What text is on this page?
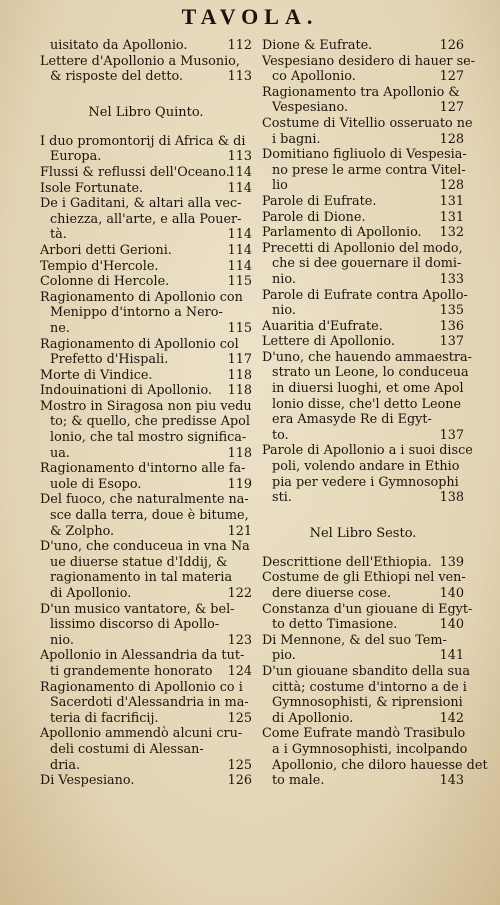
TAVOLA.
uisitato da Apollonio.	112
Lettere d'Apollonio a Musonio,
& risposte del detto.	113
Nel Libro Quinto.
I duo promontorij di Africa & di
Europa.	113
Flussi & reflussi dell'Oceano.
114
Isole Fortunate.	114
De i Gaditani, & altari alla vec-
chiezza, all'arte, e alla Pouer-
tà.	114
Arbori detti Gerioni.	114
Tempio d'Hercole.	114
Colonne di Hercole.	115
Ragionamento di Apollonio con
Menippo d'intorno a Nero-
ne.	115
Ragionamento di Apollonio col
Prefetto d'Hispali.	117
Morte di Vindice.	118
Indouinationi di Apollonio. 118
Mostro in Siragosa non piu vedu
to; & quello, che predisse Apol
lonio, che tal mostro significa-
ua.	118
Ragionamento d'intorno alle fa-
uole di Esopo.	119
Del fuoco, che naturalmente na-
sce dalla terra, doue è bitume,
& Zolpho.	121
D'uno, che conduceua in vna Na
ue diuerse statue d'Iddij, &
ragionamento in tal materia
di Apollonio.	122
D'un musico vantatore, & bel-
lissimo discorso di Apollo-
nio.	123
Apollonio in Alessandria da tut-
ti grandemente honorato 124
Ragionamento di Apollonio co i
Sacerdoti d'Alessandria in ma-
teria di facrificij.	125
Apollonio ammendò alcuni cru-
deli costumi di Alessan-
dria.	125
Di Vespesiano.	126
Dione & Eufrate.	126
Vespesiano desidero di hauer se-
co Apollonio.	127
Ragionamento tra Apollonio &
Vespesiano.	127
Costume di Vitellio osseruato ne
i bagni.	128
Domitiano figliuolo di Vespesia-
no prese le arme contra Vitel-
lio	128
Parole di Eufrate.	131
Parole di Dione.	131
Parlamento di Apollonio. 132
Precetti di Apollonio del modo,
che si dee gouernare il domi-
nio.	133
Parole di Eufrate contra Apollo-
nio.	135
Auaritia d'Eufrate.	136
Lettere di Apollonio.	137
D'uno, che hauendo ammaestra-
strato un Leone, lo conduceua
in diuersi luoghi, et ome Apol
lonio disse, che'l detto Leone
era Amasyde Re di Egyt-
to.	137
Parole di Apollonio a i suoi disce
poli, volendo andare in Ethio
pia per vedere i Gymnosophi
sti.	138
Nel Libro Sesto.
Descrittione dell'Ethiopia. 139
Costume de gli Ethiopi nel ven-
dere diuerse cose.	140
Constanza d'un giouane di Egyt-
to detto Timasione.	140
Di Mennone, & del suo Tem-
pio.	141
D'un giouane sbandito della sua
città; costume d'intorno a de i
Gymnosophisti, & riprensioni
di Apollonio.	142
Come Eufrate mandò Trasibulo
a i Gymnosophisti, incolpando
Apollonio, che diloro hauesse det
to male.	143
